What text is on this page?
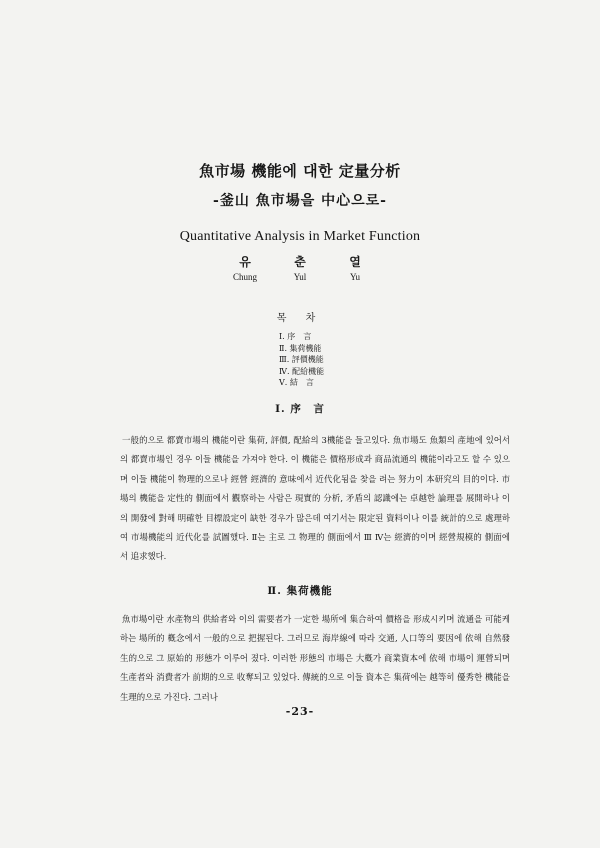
魚市場 機能에 대한 定量分析
-釜山 魚市場을 中心으로-
Quantitative Analysis in Market Function
유	춘	열
Chung	Yul	Yu
목 차
Ⅰ. 序　言
Ⅱ. 集荷機能
Ⅲ. 評價機能
Ⅳ. 配給機能
Ⅴ. 結　言
Ⅰ. 序　言

一般的으로 都賣市場의 機能이란 集荷, 評價, 配給의 3機能을 들고있다. 魚市場도 魚類의 產地에 있어서의 都賣市場인 경우 이들 機能을 가져야 한다. 이 機能은 價格形成과 商品流通의 機能이라고도 할 수 있으며 이들 機能이 物理的으로나 經營 經濟的 意味에서 近代化됨을 찾을 려는 努力이 本研究의 目的이다. 市場의 機能을 定性的 側面에서 觀察하는 사람은 現實的 分析, 矛盾의 認識에는 卓越한 論理를 展開하나 이의 開發에 對해 明確한 目標設定이 缺한 경우가 많은데 여기서는 限定된 資料이나 이를 統計的으로 處理하여 市場機能의 近代化를 試圖했다. Ⅱ는 主로 그 物理的 側面에서 Ⅲ Ⅳ는 經濟的이며 經營規模的 側面에서 追求했다.

Ⅱ. 集荷機能

魚市場이란 水產物의 供給者와 이의 需要者가 一定한 場所에 集合하여 價格을 形成시키며 流通을 可能케하는 場所的 槪念에서 一般的으로 把握된다. 그러므로 海岸線에 따라 交通, 人口等의 要因에 依해 自然發生的으로 그 原始的 形態가 이루어 졌다. 이러한 形態의 市場은 大槪가 商業資本에 依해 市場이 運營되며 生產者와 消費者가 前期的으로 收奪되고 있었다. 傳統的으로 이들 資本은 集荷에는 越等히 優秀한 機能을 生理的으로 가진다. 그러나

-23-
